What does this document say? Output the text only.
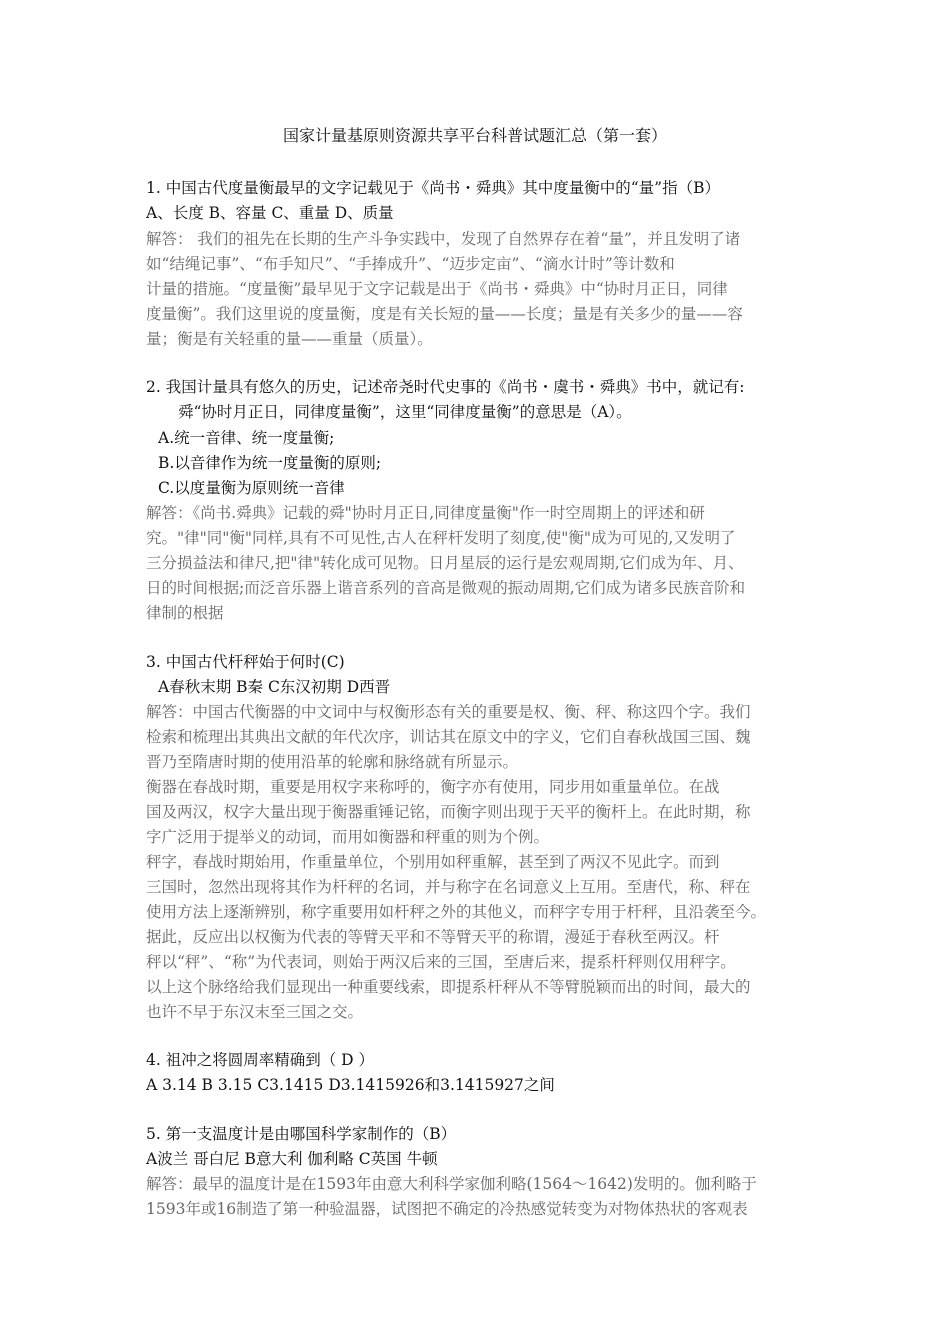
国家计量基原则资源共享平台科普试题汇总（第一套）
1. 中国古代度量衡最早的文字记载见于《尚书・舜典》其中度量衡中的“量”指（B）
A、长度 B、容量 C、重量 D、质量
解答： 我们的祖先在长期的生产斗争实践中，发现了自然界存在着“量”，并且发明了诸
如“结绳记事”、“布手知尺”、“手捧成升”、“迈步定亩”、“滴水计时”等计数和
计量的措施。“度量衡”最早见于文字记载是出于《尚书・舜典》中“协时月正日，同律
度量衡”。我们这里说的度量衡，度是有关长短的量——长度；量是有关多少的量——容
量；衡是有关轻重的量——重量（质量）。
2. 我国计量具有悠久的历史，记述帝尧时代史事的《尚书・虞书・舜典》书中，就记有:
舜“协时月正日，同律度量衡”，这里“同律度量衡”的意思是（A）。
A.统一音律、统一度量衡;
B.以音律作为统一度量衡的原则;
C.以度量衡为原则统一音律
解答：《尚书.舜典》记载的舜"协时月正日,同律度量衡"作一时空周期上的评述和研
究。"律"同"衡"同样,具有不可见性,古人在秤杆发明了刻度,使"衡"成为可见的,又发明了
三分损益法和律尺,把"律"转化成可见物。日月星辰的运行是宏观周期,它们成为年、月、
日的时间根据;而泛音乐器上谐音系列的音高是微观的振动周期,它们成为诸多民族音阶和
律制的根据
3. 中国古代杆秤始于何时(C)
A春秋末期 B秦 C东汉初期 D西晋
解答：中国古代衡器的中文词中与权衡形态有关的重要是权、衡、秤、称这四个字。我们
检索和梳理出其典出文献的年代次序，训诂其在原文中的字义，它们自春秋战国三国、魏
晋乃至隋唐时期的使用沿革的轮廓和脉络就有所显示。
衡器在春战时期，重要是用权字来称呼的，衡字亦有使用，同步用如重量单位。在战
国及两汉，权字大量出现于衡器重锤记铭，而衡字则出现于天平的衡杆上。在此时期，称
字广泛用于提举义的动词，而用如衡器和秤重的则为个例。
秤字，春战时期始用，作重量单位，个别用如秤重解，甚至到了两汉不见此字。而到
三国时，忽然出现将其作为杆秤的名词，并与称字在名词意义上互用。至唐代，称、秤在
使用方法上逐渐辨别，称字重要用如杆秤之外的其他义，而秤字专用于杆秤，且沿袭至今。
据此，反应出以权衡为代表的等臂天平和不等臂天平的称谓，漫延于春秋至两汉。杆
秤以“秤”、“称”为代表词，则始于两汉后来的三国，至唐后来，提系杆秤则仅用秤字。
以上这个脉络给我们显现出一种重要线索，即提系杆秤从不等臂脱颖而出的时间，最大的
也许不早于东汉末至三国之交。
4. 祖冲之将圆周率精确到（ D ）
A 3.14 B 3.15 C3.1415 D3.1415926和3.1415927之间
5. 第一支温度计是由哪国科学家制作的（B）
A波兰 哥白尼 B意大利 伽利略 C英国 牛顿
解答：最早的温度计是在1593年由意大利科学家伽利略(1564～1642)发明的。伽利略于
1593年或16制造了第一种验温器，试图把不确定的冷热感觉转变为对物体热状的客观表
